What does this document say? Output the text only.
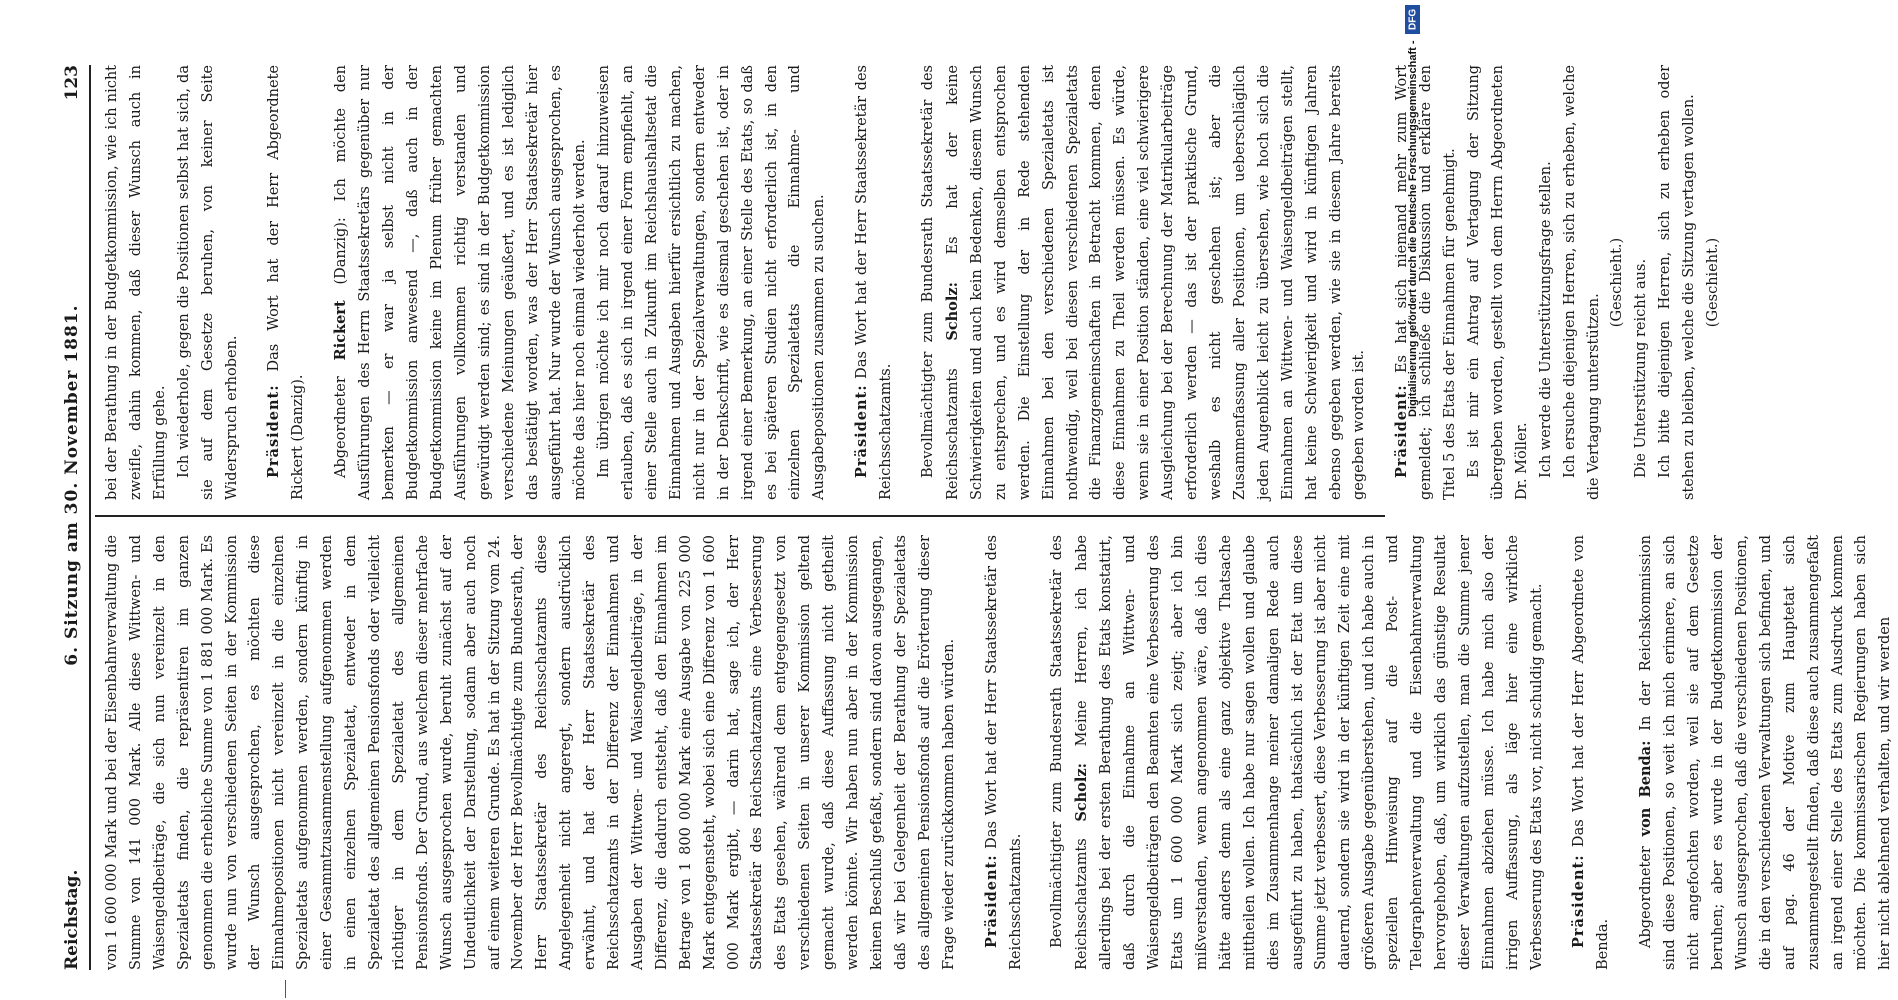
Reichstag.
6. Sitzung am 30. November 1881.
123

von 1 600 000 Mark und bei der Eisenbahnverwaltung die Summe von 141 000 Mark. Alle diese Wittwen- und Waisengeldbeiträge, die sich nun vereinzelt in den Spezialetats finden, die repräsentiren im ganzen genommen die erhebliche Summe von 1 881 000 Mark. Es wurde nun von verschiedenen Seiten in der Kommission der Wunsch ausgesprochen, es möchten diese Einnahmepositionen nicht vereinzelt in die einzelnen Spezialetats aufgenommen werden, sondern künftig in einer Gesammtzusammenstellung aufgenommen werden in einen einzelnen Spezialetat, entweder in dem Spezialetat des allgemeinen Pensionsfonds oder vielleicht richtiger in dem Spezialetat des allgemeinen Pensionsfonds. Der Grund, aus welchem dieser mehrfache Wunsch ausgesprochen wurde, beruht zunächst auf der Undeutlichkeit der Darstellung, sodann aber auch noch auf einem weiteren Grunde. Es hat in der Sitzung vom 24. November der Herr Bevollmächtigte zum Bundesrath, der Herr Staatssekretär des Reichsschatzamts diese Angelegenheit nicht angeregt, sondern ausdrücklich erwähnt, und hat der Herr Staatssekretär des Reichsschatzamts in der Differenz der Einnahmen und Ausgaben der Wittwen- und Waisengeldbeiträge, in der Differenz, die dadurch entsteht, daß den Einnahmen im Betrage von 1 800 000 Mark eine Ausgabe von 225 000 Mark entgegensteht, wobei sich eine Differenz von 1 600 000 Mark ergibt, — darin hat, sage ich, der Herr Staatssekretär des Reichsschatzamts eine Verbesserung des Etats gesehen, während dem entgegengesetzt von verschiedenen Seiten in unserer Kommission geltend gemacht wurde, daß diese Auffassung nicht getheilt werden könnte. Wir haben nun aber in der Kommission keinen Beschluß gefaßt, sondern sind davon ausgegangen, daß wir bei Gelegenheit der Berathung der Spezialetats des allgemeinen Pensionsfonds auf die Erörterung dieser Frage wieder zurückkommen haben würden.	Präsident: Das Wort hat der Herr Staatssekretär des Reichsschatzamts.	Bevollmächtigter zum Bundesrath Staatssekretär des Reichsschatzamts Scholz: Meine Herren, ich habe allerdings bei der ersten Berathung des Etats konstatirt, daß durch die Einnahme an Wittwen- und Waisengeldbeiträgen den Beamten eine Verbesserung des Etats um 1 600 000 Mark sich zeigt; aber ich bin mißverstanden, wenn angenommen wäre, daß ich dies hätte anders denn als eine ganz objektive Thatsache mittheilen wollen. Ich habe nur sagen wollen und glaube dies im Zusammenhange meiner damaligen Rede auch ausgeführt zu haben, thatsächlich ist der Etat um diese Summe jetzt verbessert, diese Verbesserung ist aber nicht dauernd, sondern sie wird in der künftigen Zeit eine mit größeren Ausgabe gegenüberstehen, und ich habe auch in speziellen Hinweisung auf die Post- und Telegraphenverwaltung und die Eisenbahnverwaltung hervorgehoben, daß, um wirklich das günstige Resultat dieser Verwaltungen aufzustellen, man die Summe jener Einnahmen abziehen müsse. Ich habe mich also der irrigen Auffassung, als läge hier eine wirkliche Verbesserung des Etats vor, nicht schuldig gemacht.	Präsident: Das Wort hat der Herr Abgeordnete von Benda.	Abgeordneter von Benda: In der Reichskommission sind diese Positionen, so weit ich mich erinnere, an sich nicht angefochten worden, weil sie auf dem Gesetze beruhen; aber es wurde in der Budgetkommission der Wunsch ausgesprochen, daß die verschiedenen Positionen, die in den verschiedenen Verwaltungen sich befinden, und auf pag. 46 der Motive zum Hauptetat sich zusammengestellt finden, daß diese auch zusammengefaßt an irgend einer Stelle des Etats zum Ausdruck kommen möchten. Die kommissarischen Regierungen haben sich hier nicht ablehnend verhalten, und wir werden

bei der Berathung in der Budgetkommission, wie ich nicht zweifle, dahin kommen, daß dieser Wunsch auch in Erfüllung gehe. Ich wiederhole, gegen die Positionen selbst hat sich, da sie auf dem Gesetze beruhen, von keiner Seite Widerspruch erhoben.	Präsident: Das Wort hat der Herr Abgeordnete Rickert (Danzig).	Abgeordneter Rickert (Danzig): Ich möchte den Ausführungen des Herrn Staatssekretärs gegenüber nur bemerken — er war ja selbst nicht in der Budgetkommission anwesend —, daß auch in der Budgetkommission keine im Plenum früher gemachten Ausführungen vollkommen richtig verstanden und gewürdigt werden sind; es sind in der Budgetkommission verschiedene Meinungen geäußert, und es ist lediglich das bestätigt worden, was der Herr Staatssekretär hier ausgeführt hat. Nur wurde der Wunsch ausgesprochen, es möchte das hier noch einmal wiederholt werden. Im übrigen möchte ich mir noch darauf hinzuweisen erlauben, daß es sich in irgend einer Form empfiehlt, an einer Stelle auch in Zukunft im Reichshaushaltsetat die Einnahmen und Ausgaben hierfür ersichtlich zu machen, nicht nur in der Spezialverwaltungen, sondern entweder in der Denkschrift, wie es diesmal geschehen ist, oder in irgend einer Bemerkung, an einer Stelle des Etats, so daß es bei späteren Studien nicht erforderlich ist, in den einzelnen Spezialetats die Einnahme- und Ausgabepositionen zusammen zu suchen.	Präsident: Das Wort hat der Herr Staatssekretär des Reichsschatzamts.	Bevollmächtigter zum Bundesrath Staatssekretär des Reichsschatzamts Scholz: Es hat der keine Schwierigkeiten und auch kein Bedenken, diesem Wunsch zu entsprechen, und es wird demselben entsprochen werden. Die Einstellung der in Rede stehenden Einnahmen bei den verschiedenen Spezialetats ist nothwendig, weil bei diesen verschiedenen Spezialetats die Finanzgemeinschaften in Betracht kommen, denen diese Einnahmen zu Theil werden müssen. Es würde, wenn sie in einer Position ständen, eine viel schwierigere Ausgleichung bei der Berechnung der Matrikularbeiträge erforderlich werden — das ist der praktische Grund, weshalb es nicht geschehen ist; aber die Zusammenfassung aller Positionen, um ueberschläglich jeden Augenblick leicht zu übersehen, wie hoch sich die Einnahmen an Wittwen- und Waisengeldbeiträgen stellt, hat keine Schwierigkeit und wird in künftigen Jahren ebenso gegeben werden, wie sie in diesem Jahre bereits gegeben worden ist.	Präsident: Es hat sich niemand mehr zum Wort gemeldet; ich schließe die Diskussion und erkläre den Titel 5 des Etats der Einnahmen für genehmigt. Es ist mir ein Antrag auf Vertagung der Sitzung übergeben worden, gestellt von dem Herrn Abgeordneten Dr. Möller. Ich werde die Unterstützungsfrage stellen. Ich ersuche diejenigen Herren, sich zu erheben, welche die Vertagung unterstützen.

(Geschieht.) Die Unterstützung reicht aus. Ich bitte diejenigen Herren, sich zu erheben oder stehen zu bleiben, welche die Sitzung vertagen wollen. (Geschieht.)

Digitalisierung gefördert durch die Deutsche Forschungsgemeinschaft -
DFG
